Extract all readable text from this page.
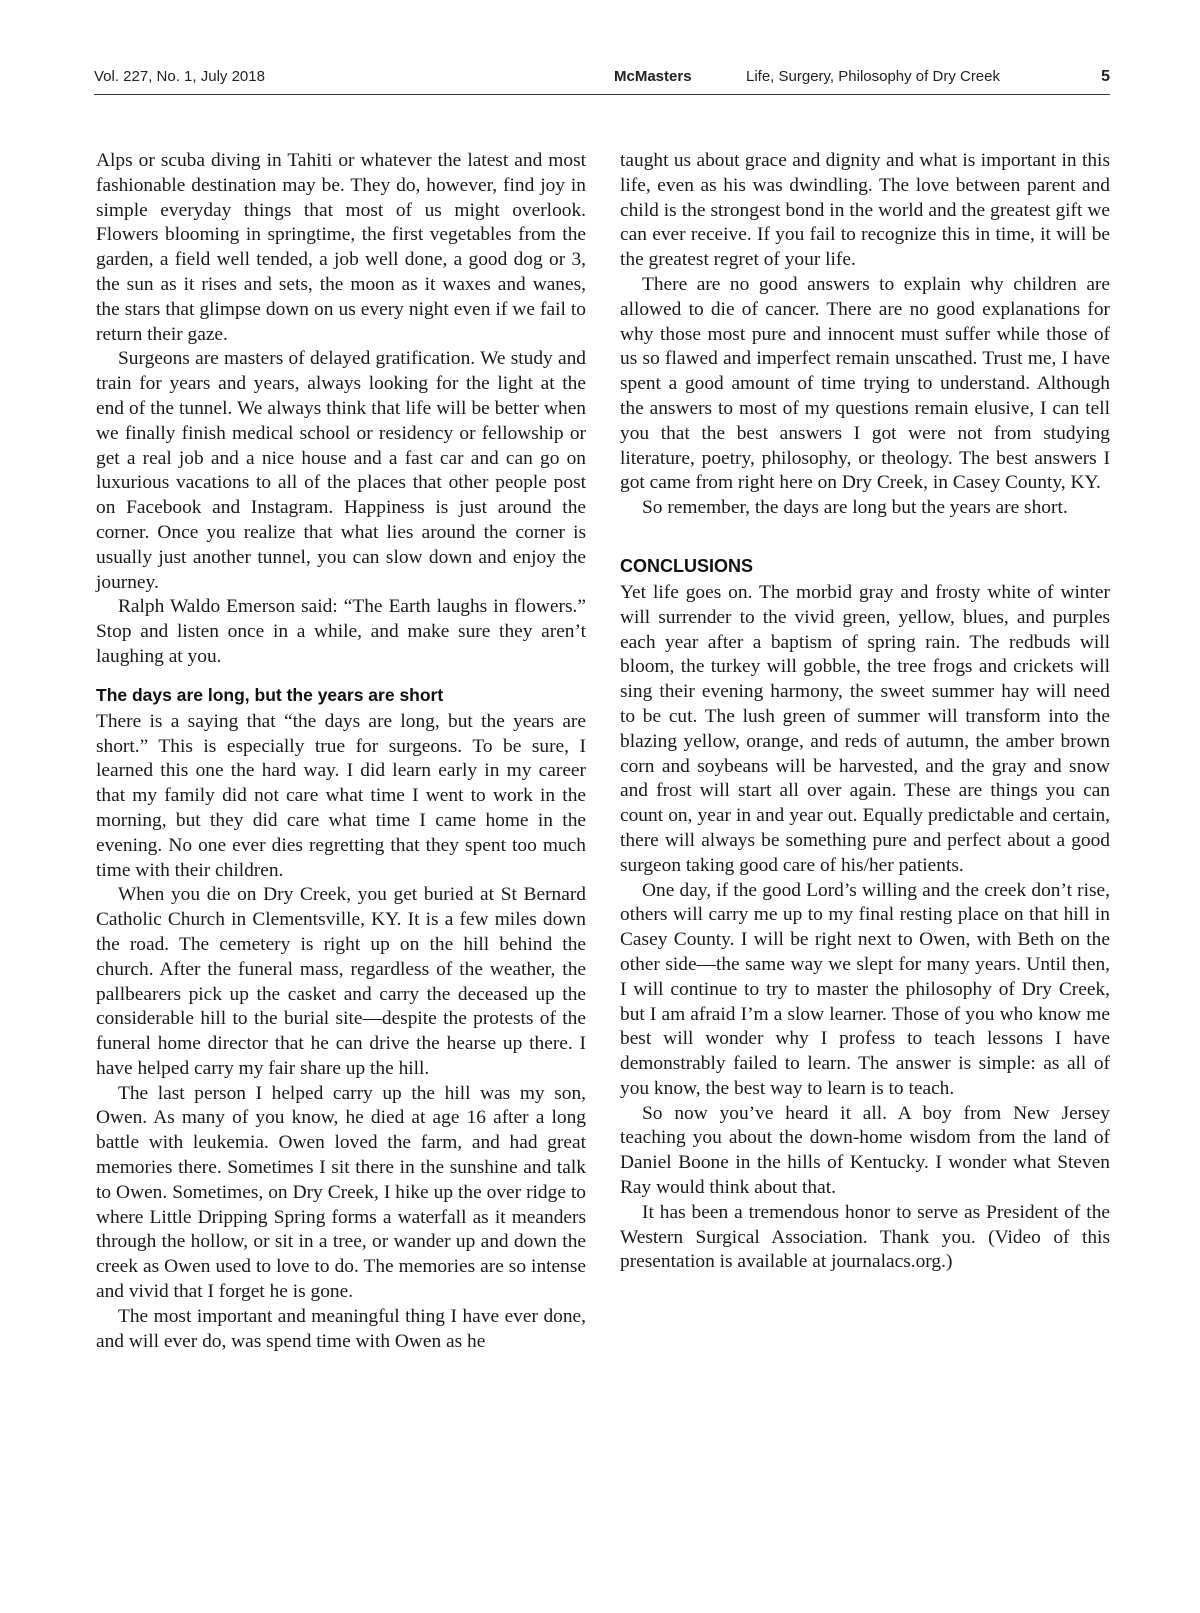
Vol. 227, No. 1, July 2018	McMasters	Life, Surgery, Philosophy of Dry Creek	5

Alps or scuba diving in Tahiti or whatever the latest and most fashionable destination may be. They do, however, find joy in simple everyday things that most of us might overlook. Flowers blooming in springtime, the first vegetables from the garden, a field well tended, a job well done, a good dog or 3, the sun as it rises and sets, the moon as it waxes and wanes, the stars that glimpse down on us every night even if we fail to return their gaze.

Surgeons are masters of delayed gratification. We study and train for years and years, always looking for the light at the end of the tunnel. We always think that life will be better when we finally finish medical school or residency or fellowship or get a real job and a nice house and a fast car and can go on luxurious vacations to all of the places that other people post on Facebook and Instagram. Happiness is just around the corner. Once you realize that what lies around the corner is usually just another tunnel, you can slow down and enjoy the journey.

Ralph Waldo Emerson said: “The Earth laughs in flowers.” Stop and listen once in a while, and make sure they aren’t laughing at you.

The days are long, but the years are short

There is a saying that “the days are long, but the years are short.” This is especially true for surgeons. To be sure, I learned this one the hard way. I did learn early in my career that my family did not care what time I went to work in the morning, but they did care what time I came home in the evening. No one ever dies regretting that they spent too much time with their children.

When you die on Dry Creek, you get buried at St Bernard Catholic Church in Clementsville, KY. It is a few miles down the road. The cemetery is right up on the hill behind the church. After the funeral mass, regardless of the weather, the pallbearers pick up the casket and carry the deceased up the considerable hill to the burial site—despite the protests of the funeral home director that he can drive the hearse up there. I have helped carry my fair share up the hill.

The last person I helped carry up the hill was my son, Owen. As many of you know, he died at age 16 after a long battle with leukemia. Owen loved the farm, and had great memories there. Sometimes I sit there in the sunshine and talk to Owen. Sometimes, on Dry Creek, I hike up the over ridge to where Little Dripping Spring forms a waterfall as it meanders through the hollow, or sit in a tree, or wander up and down the creek as Owen used to love to do. The memories are so intense and vivid that I forget he is gone.

The most important and meaningful thing I have ever done, and will ever do, was spend time with Owen as he

taught us about grace and dignity and what is important in this life, even as his was dwindling. The love between parent and child is the strongest bond in the world and the greatest gift we can ever receive. If you fail to recognize this in time, it will be the greatest regret of your life.

There are no good answers to explain why children are allowed to die of cancer. There are no good explanations for why those most pure and innocent must suffer while those of us so flawed and imperfect remain unscathed. Trust me, I have spent a good amount of time trying to understand. Although the answers to most of my questions remain elusive, I can tell you that the best answers I got were not from studying literature, poetry, philosophy, or theology. The best answers I got came from right here on Dry Creek, in Casey County, KY.

So remember, the days are long but the years are short.

CONCLUSIONS

Yet life goes on. The morbid gray and frosty white of winter will surrender to the vivid green, yellow, blues, and purples each year after a baptism of spring rain. The redbuds will bloom, the turkey will gobble, the tree frogs and crickets will sing their evening harmony, the sweet summer hay will need to be cut. The lush green of summer will transform into the blazing yellow, orange, and reds of autumn, the amber brown corn and soybeans will be harvested, and the gray and snow and frost will start all over again. These are things you can count on, year in and year out. Equally predictable and certain, there will always be something pure and perfect about a good surgeon taking good care of his/her patients.

One day, if the good Lord’s willing and the creek don’t rise, others will carry me up to my final resting place on that hill in Casey County. I will be right next to Owen, with Beth on the other side—the same way we slept for many years. Until then, I will continue to try to master the philosophy of Dry Creek, but I am afraid I’m a slow learner. Those of you who know me best will wonder why I profess to teach lessons I have demonstrably failed to learn. The answer is simple: as all of you know, the best way to learn is to teach.

So now you’ve heard it all. A boy from New Jersey teaching you about the down-home wisdom from the land of Daniel Boone in the hills of Kentucky. I wonder what Steven Ray would think about that.

It has been a tremendous honor to serve as President of the Western Surgical Association. Thank you. (Video of this presentation is available at journalacs.org.)
